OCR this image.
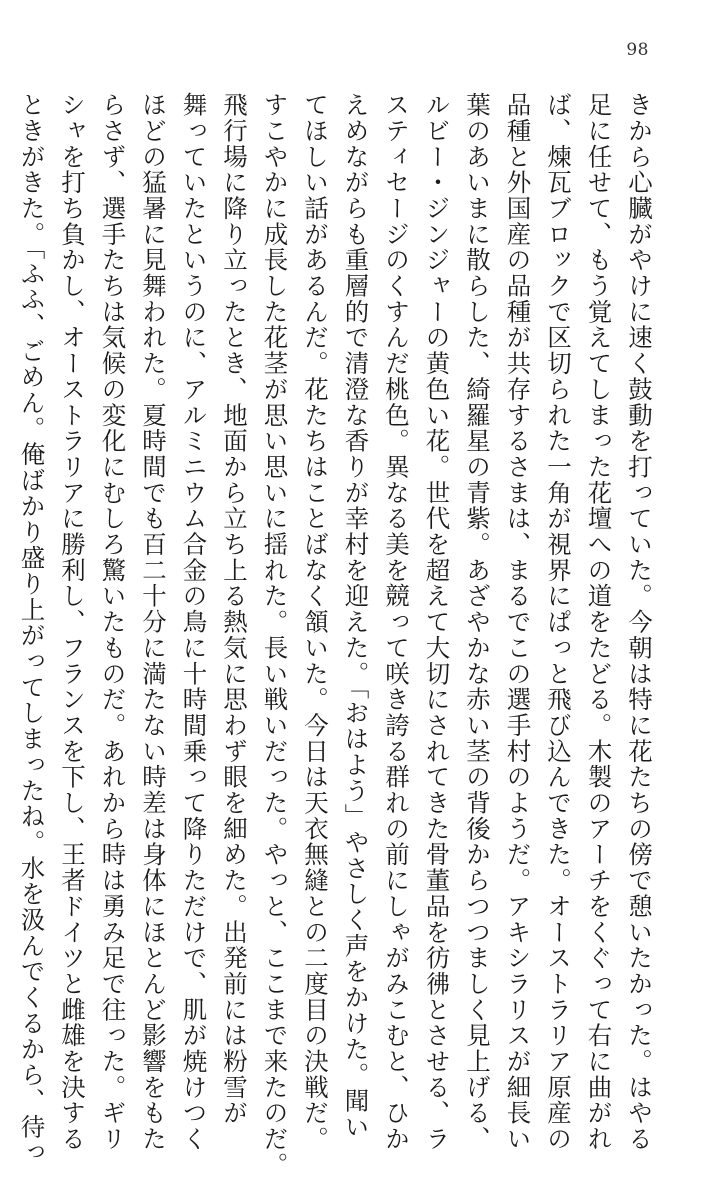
98
きから心臓がやけに速く鼓動を打っていた。今朝は特に花たちの傍で憩いたかった。はやる
足に任せて、もう覚えてしまった花壇への道をたどる。木製のアーチをくぐって右に曲がれ
ば、煉瓦ブロックで区切られた一角が視界にぱっと飛び込んできた。オーストラリア原産の
品種と外国産の品種が共存するさまは、まるでこの選手村のようだ。アキシラリスが細長い
葉のあいまに散らした、綺羅星の青紫。あざやかな赤い茎の背後からつつましく見上げる、
ルビー・ジンジャーの黄色い花。世代を超えて大切にされてきた骨董品を彷彿とさせる、ラ
スティセージのくすんだ桃色。異なる美を競って咲き誇る群れの前にしゃがみこむと、ひか
えめながらも重層的で清澄な香りが幸村を迎えた。「おはよう」やさしく声をかけた。聞い
てほしい話があるんだ。花たちはことばなく頷いた。今日は天衣無縫との二度目の決戦だ。
すこやかに成長した花茎が思い思いに揺れた。長い戦いだった。やっと、ここまで来たのだ。
飛行場に降り立ったとき、地面から立ち上る熱気に思わず眼を細めた。出発前には粉雪が
舞っていたというのに、アルミニウム合金の鳥に十時間乗って降りただけで、肌が焼けつく
ほどの猛暑に見舞われた。夏時間でも百二十分に満たない時差は身体にほとんど影響をもた
らさず、選手たちは気候の変化にむしろ驚いたものだ。あれから時は勇み足で往った。ギリ
シャを打ち負かし、オーストラリアに勝利し、フランスを下し、王者ドイツと雌雄を決する
ときがきた。「ふふ、ごめん。俺ばかり盛り上がってしまったね。水を汲んでくるから、待っ
